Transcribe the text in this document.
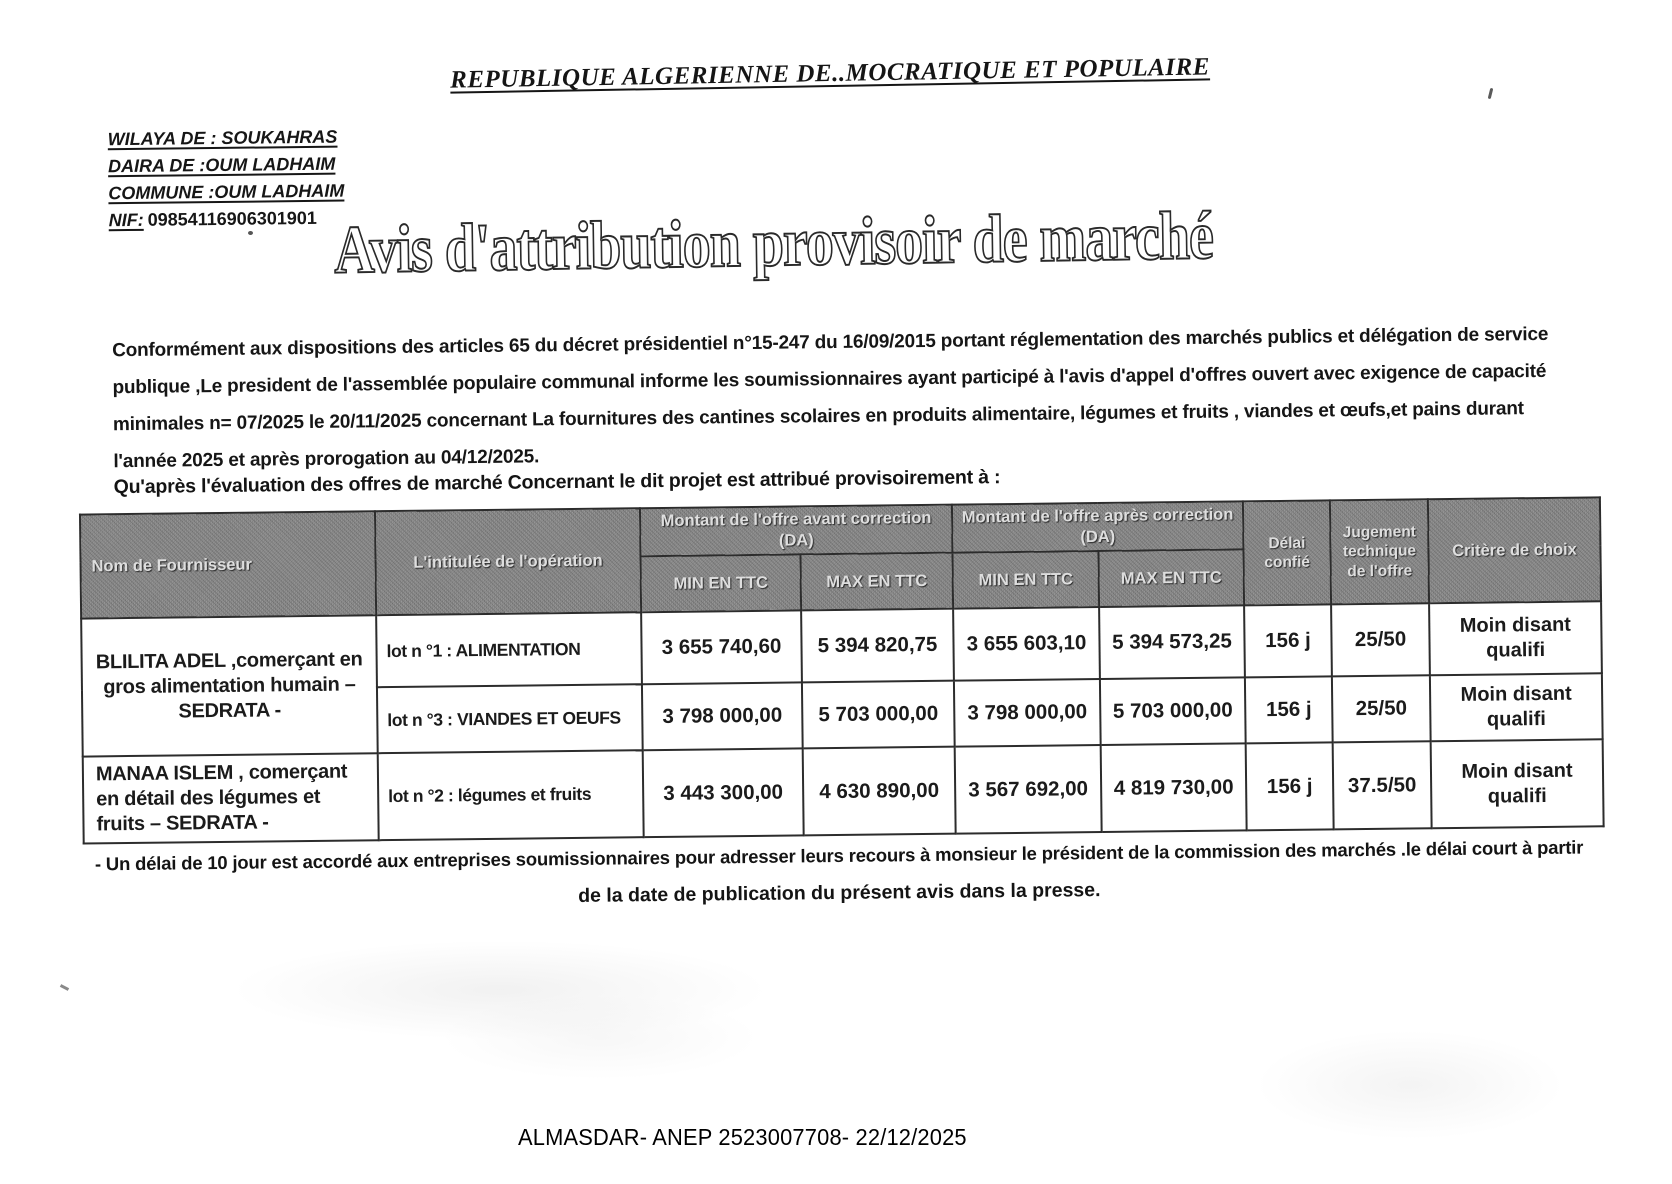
REPUBLIQUE ALGERIENNE DE..MOCRATIQUE ET POPULAIRE
WILAYA DE : SOUKAHRAS
DAIRA DE :OUM LADHAIM
COMMUNE :OUM LADHAIM
NIF: 09854116906301901 Avis d'attribution provisoir de marché
Conformément aux dispositions des articles 65 du décret présidentiel n°15-247 du 16/09/2015 portant réglementation des marchés publics et délégation de service
publique ,Le president de l'assemblée populaire communal informe les soumissionnaires ayant participé à l'avis d'appel d'offres ouvert avec exigence de capacité
minimales n= 07/2025 le 20/11/2025 concernant La fournitures des cantines scolaires en produits alimentaire, légumes et fruits , viandes et œufs,et pains durant
l'année 2025 et après prorogation au 04/12/2025.
Qu'après l'évaluation des offres de marché Concernant le dit projet est attribué provisoirement à :
Nom de Fournisseur	L'intitulée de l'opération	Montant de l'offre avant correction (DA)		Montant de l'offre après correction (DA)		Délai confié	Jugement technique de l'offre	Critère de choix
		MIN EN TTC	MAX EN TTC	MIN EN TTC	MAX EN TTC			
BLILITA ADEL ,comerçant en gros alimentation humain – SEDRATA -	lot n °1 : ALIMENTATION	3 655 740,60	5 394 820,75	3 655 603,10	5 394 573,25	156 j	25/50	Moin disant qualifi
	lot n °3 : VIANDES ET OEUFS	3 798 000,00	5 703 000,00	3 798 000,00	5 703 000,00	156 j	25/50	Moin disant qualifi
MANAA ISLEM , comerçant en détail des légumes et fruits – SEDRATA -	lot n °2 : légumes et fruits	3 443 300,00	4 630 890,00	3 567 692,00	4 819 730,00	156 j	37.5/50	Moin disant qualifi
- Un délai de 10 jour est accordé aux entreprises soumissionnaires pour adresser leurs recours à monsieur le président de la commission des marchés .le délai court à partir
de la date de publication du présent avis dans la presse.
ALMASDAR- ANEP 2523007708- 22/12/2025
